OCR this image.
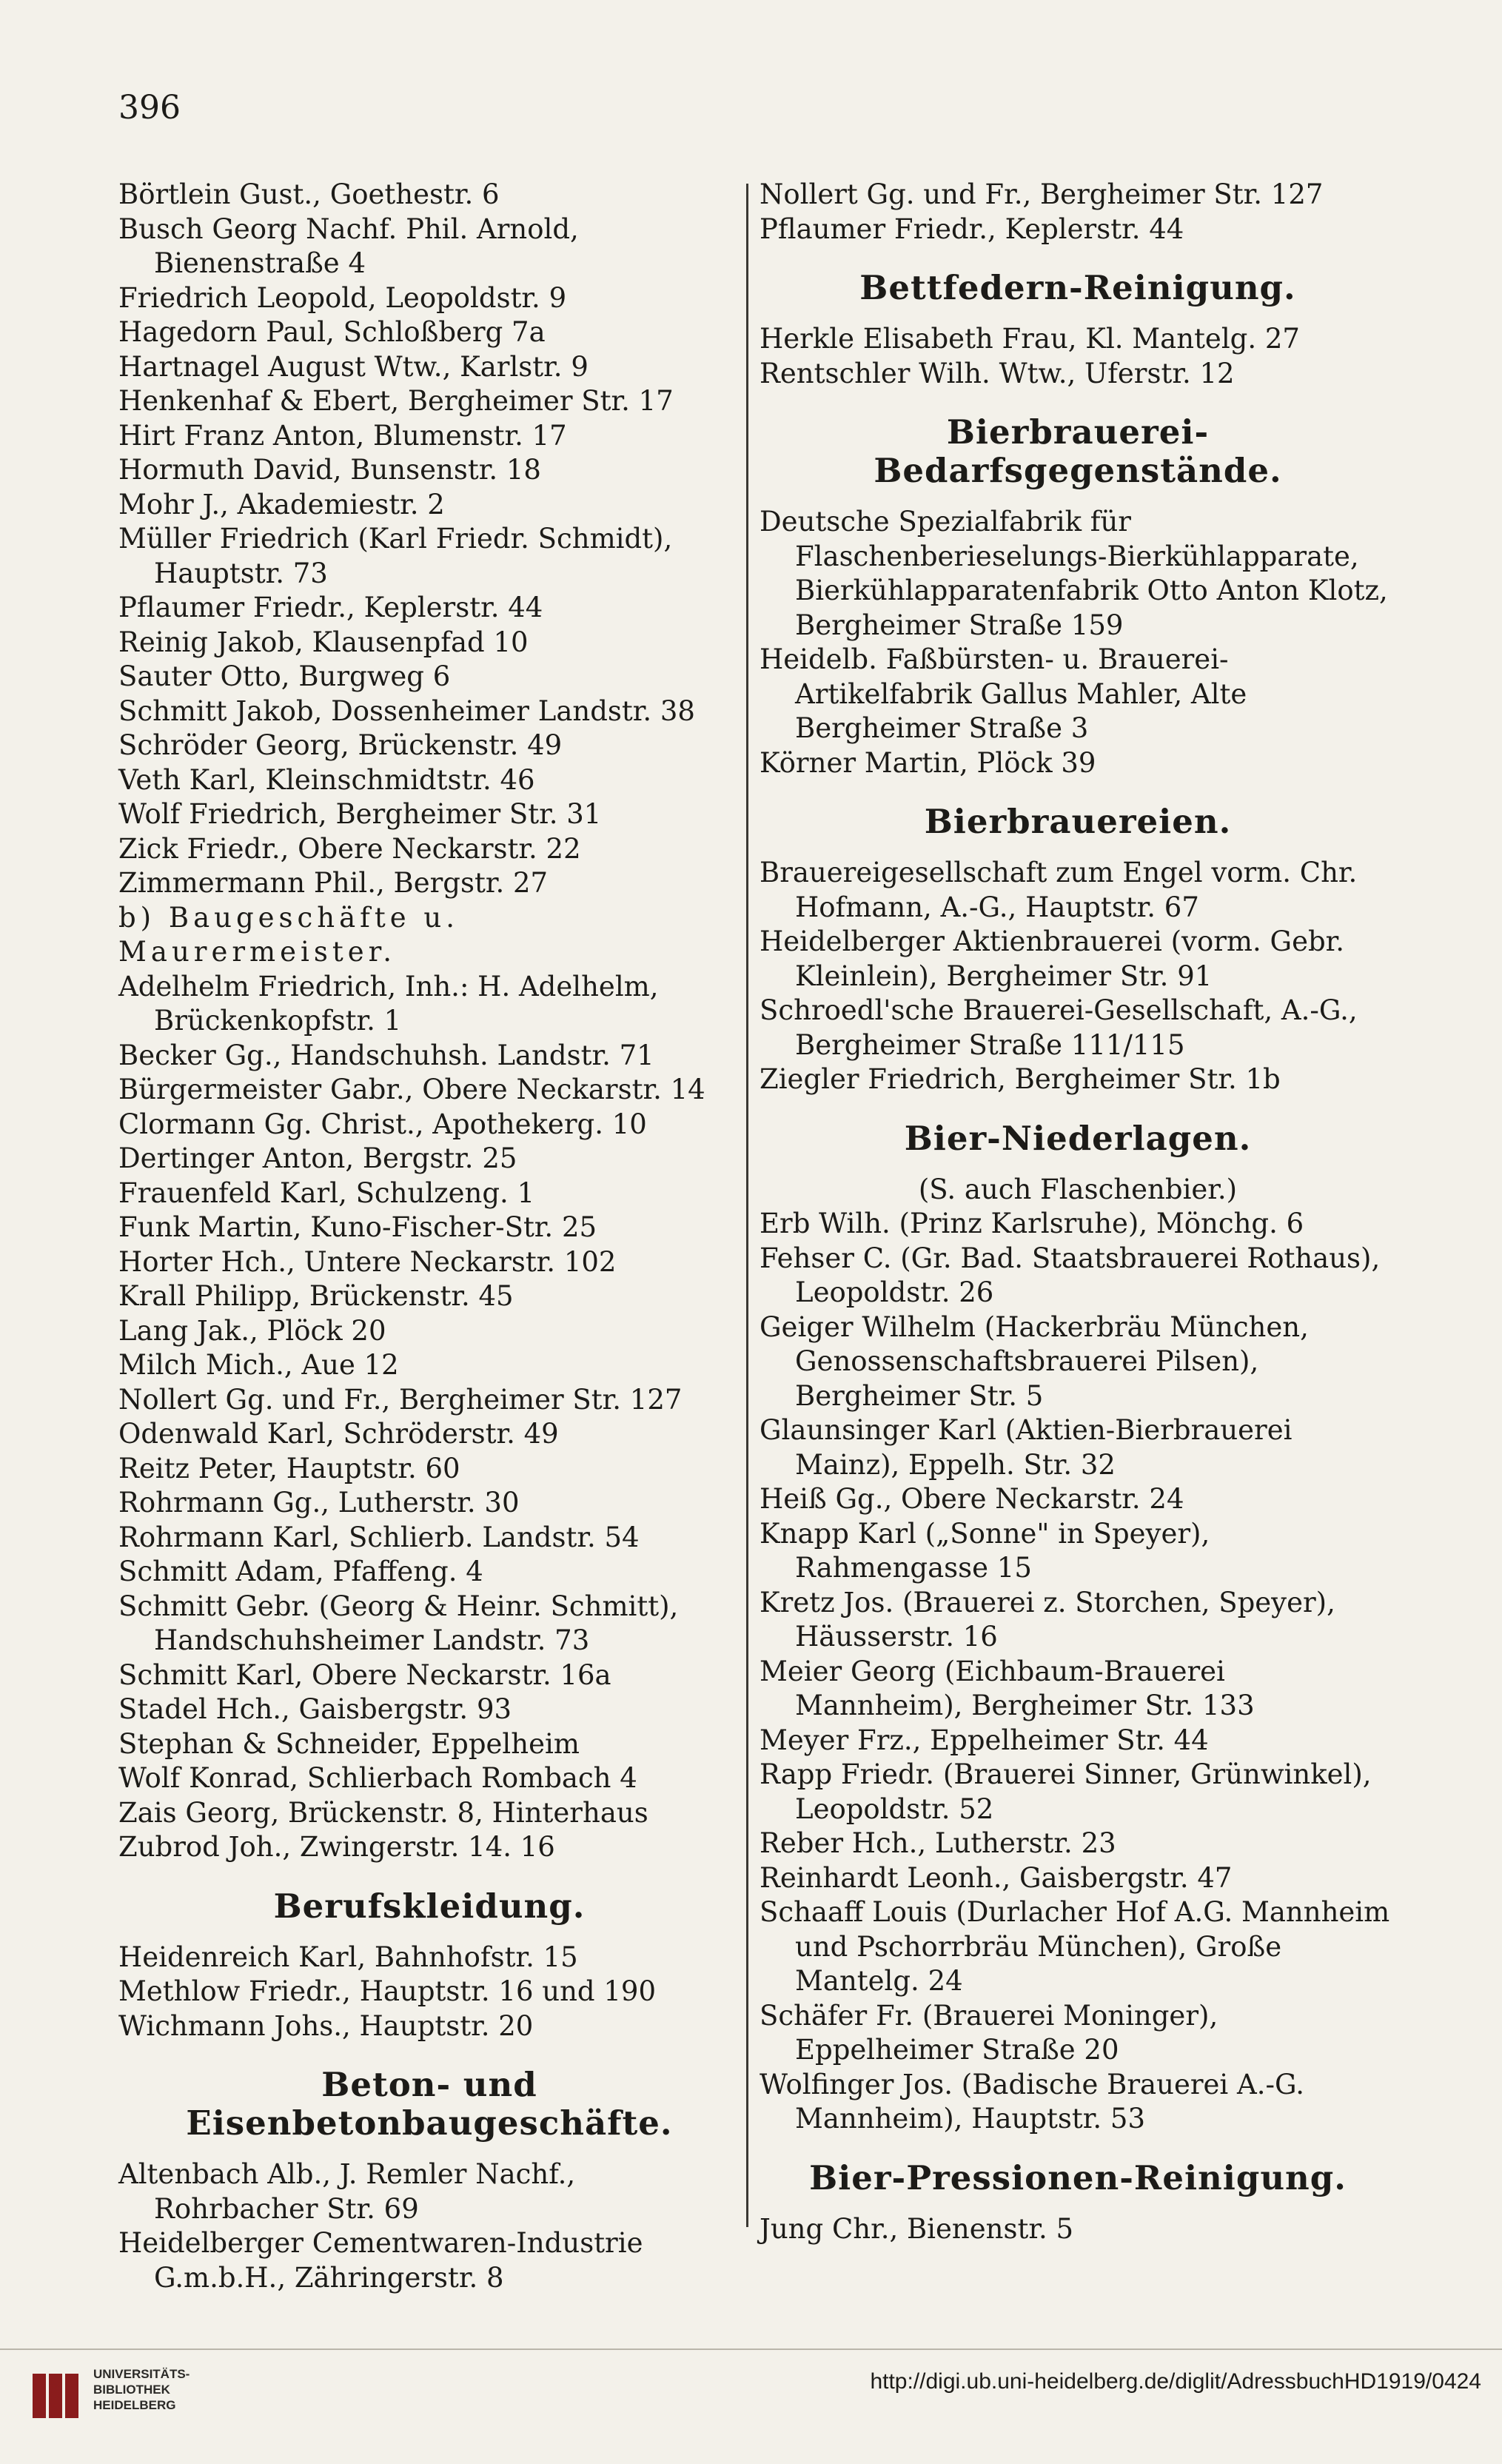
396
Börtlein Gust., Goethestr. 6
Busch Georg Nachf. Phil. Arnold, Bienenstraße 4
Friedrich Leopold, Leopoldstr. 9
Hagedorn Paul, Schloßberg 7a
Hartnagel August Wtw., Karlstr. 9
Henkenhaf & Ebert, Bergheimer Str. 17
Hirt Franz Anton, Blumenstr. 17
Hormuth David, Bunsenstr. 18
Mohr J., Akademiestr. 2
Müller Friedrich (Karl Friedr. Schmidt), Hauptstr. 73
Pflaumer Friedr., Keplerstr. 44
Reinig Jakob, Klausenpfad 10
Sauter Otto, Burgweg 6
Schmitt Jakob, Dossenheimer Landstr. 38
Schröder Georg, Brückenstr. 49
Veth Karl, Kleinschmidtstr. 46
Wolf Friedrich, Bergheimer Str. 31
Zick Friedr., Obere Neckarstr. 22
Zimmermann Phil., Bergstr. 27
b) Baugeschäfte u. Maurermeister.
Adelhelm Friedrich, Inh.: H. Adelhelm, Brückenkopfstr. 1
Becker Gg., Handschuhsh. Landstr. 71
Bürgermeister Gabr., Obere Neckarstr. 14
Clormann Gg. Christ., Apothekerg. 10
Dertinger Anton, Bergstr. 25
Frauenfeld Karl, Schulzeng. 1
Funk Martin, Kuno-Fischer-Str. 25
Horter Hch., Untere Neckarstr. 102
Krall Philipp, Brückenstr. 45
Lang Jak., Plöck 20
Milch Mich., Aue 12
Nollert Gg. und Fr., Bergheimer Str. 127
Odenwald Karl, Schröderstr. 49
Reitz Peter, Hauptstr. 60
Rohrmann Gg., Lutherstr. 30
Rohrmann Karl, Schlierb. Landstr. 54
Schmitt Adam, Pfaffeng. 4
Schmitt Gebr. (Georg & Heinr. Schmitt), Handschuhsheimer Landstr. 73
Schmitt Karl, Obere Neckarstr. 16a
Stadel Hch., Gaisbergstr. 93
Stephan & Schneider, Eppelheim
Wolf Konrad, Schlierbach Rombach 4
Zais Georg, Brückenstr. 8, Hinterhaus
Zubrod Joh., Zwingerstr. 14. 16
Berufskleidung.
Heidenreich Karl, Bahnhofstr. 15
Methlow Friedr., Hauptstr. 16 und 190
Wichmann Johs., Hauptstr. 20
Beton- und Eisenbetonbaugeschäfte.
Altenbach Alb., J. Remler Nachf., Rohrbacher Str. 69
Heidelberger Cementwaren-Industrie G.m.b.H., Zähringerstr. 8
Nollert Gg. und Fr., Bergheimer Str. 127
Pflaumer Friedr., Keplerstr. 44
Bettfedern-Reinigung.
Herkle Elisabeth Frau, Kl. Mantelg. 27
Rentschler Wilh. Wtw., Uferstr. 12
Bierbrauerei-Bedarfsgegenstände.
Deutsche Spezialfabrik für Flaschenberieselungs-Bierkühlapparate, Bierkühlapparatenfabrik Otto Anton Klotz, Bergheimer Straße 159
Heidelb. Faßbürsten- u. Brauerei-Artikelfabrik Gallus Mahler, Alte Bergheimer Straße 3
Körner Martin, Plöck 39
Bierbrauereien.
Brauereigesellschaft zum Engel vorm. Chr. Hofmann, A.-G., Hauptstr. 67
Heidelberger Aktienbrauerei (vorm. Gebr. Kleinlein), Bergheimer Str. 91
Schroedl'sche Brauerei-Gesellschaft, A.-G., Bergheimer Straße 111/115
Ziegler Friedrich, Bergheimer Str. 1b
Bier-Niederlagen.
(S. auch Flaschenbier.)
Erb Wilh. (Prinz Karlsruhe), Mönchg. 6
Fehser C. (Gr. Bad. Staatsbrauerei Rothaus), Leopoldstr. 26
Geiger Wilhelm (Hackerbräu München, Genossenschaftsbrauerei Pilsen), Bergheimer Str. 5
Glaunsinger Karl (Aktien-Bierbrauerei Mainz), Eppelh. Str. 32
Heiß Gg., Obere Neckarstr. 24
Knapp Karl („Sonne" in Speyer), Rahmengasse 15
Kretz Jos. (Brauerei z. Storchen, Speyer), Häusserstr. 16
Meier Georg (Eichbaum-Brauerei Mannheim), Bergheimer Str. 133
Meyer Frz., Eppelheimer Str. 44
Rapp Friedr. (Brauerei Sinner, Grünwinkel), Leopoldstr. 52
Reber Hch., Lutherstr. 23
Reinhardt Leonh., Gaisbergstr. 47
Schaaff Louis (Durlacher Hof A.G. Mannheim und Pschorrbräu München), Große Mantelg. 24
Schäfer Fr. (Brauerei Moninger), Eppelheimer Straße 20
Wolfinger Jos. (Badische Brauerei A.-G. Mannheim), Hauptstr. 53
Bier-Pressionen-Reinigung.
Jung Chr., Bienenstr. 5
UNIVERSITÄTS-
BIBLIOTHEK
HEIDELBERG
http://digi.ub.uni-heidelberg.de/diglit/AdressbuchHD1919/0424
